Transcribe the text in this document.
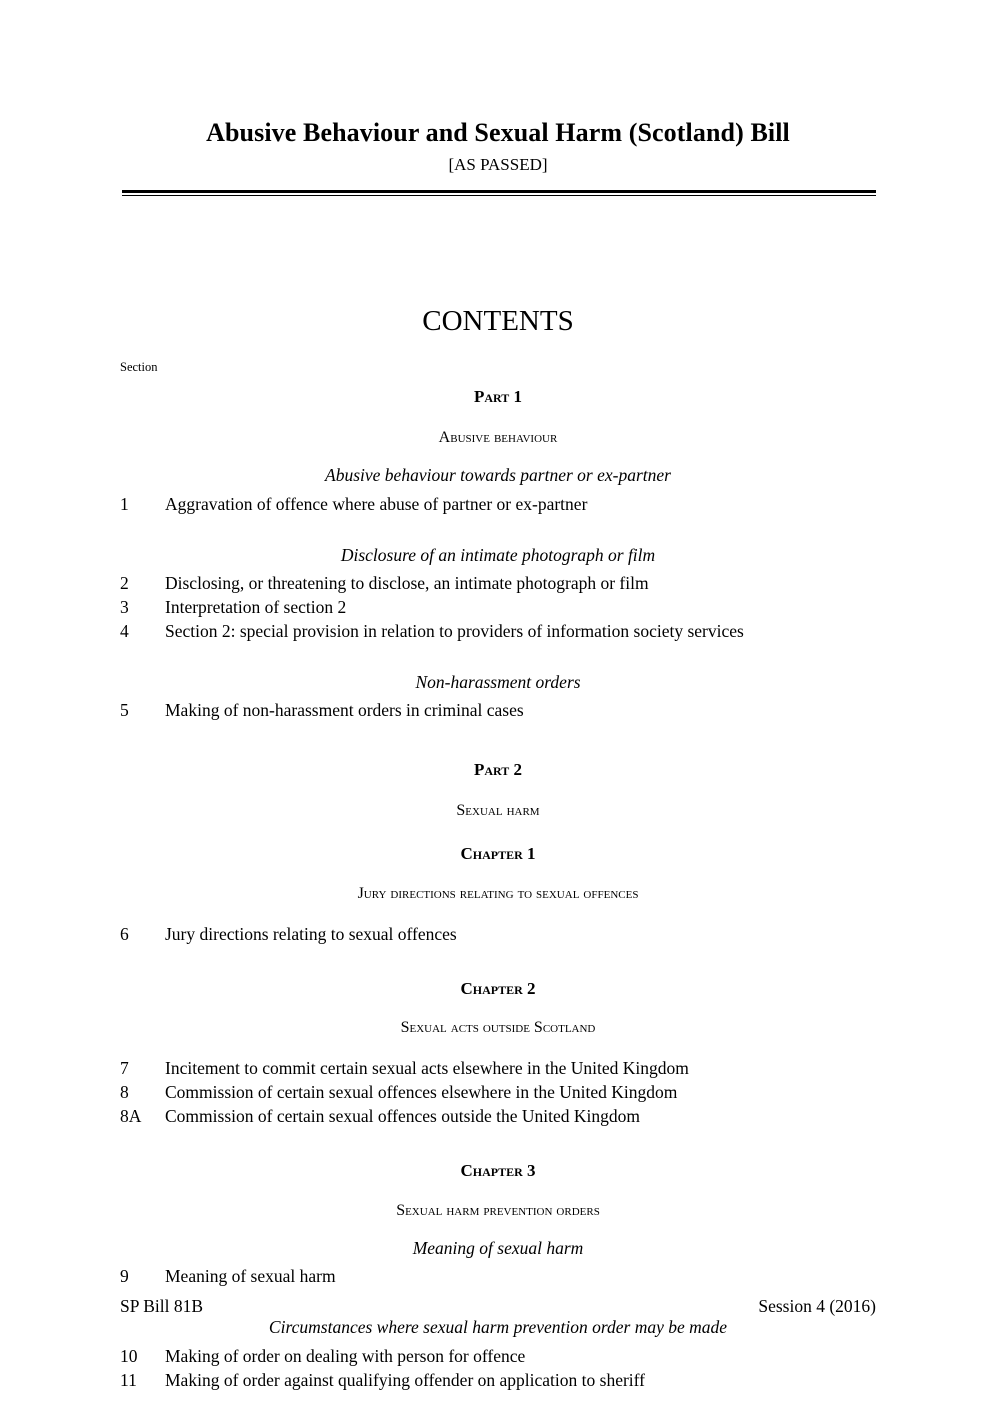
Abusive Behaviour and Sexual Harm (Scotland) Bill
[AS PASSED]
CONTENTS
Section
Part 1
Abusive behaviour
Abusive behaviour towards partner or ex-partner
1	Aggravation of offence where abuse of partner or ex-partner
Disclosure of an intimate photograph or film
2	Disclosing, or threatening to disclose, an intimate photograph or film
3	Interpretation of section 2
4	Section 2: special provision in relation to providers of information society services
Non-harassment orders
5	Making of non-harassment orders in criminal cases
Part 2
Sexual harm
Chapter 1
Jury directions relating to sexual offences
6	Jury directions relating to sexual offences
Chapter 2
Sexual acts outside Scotland
7	Incitement to commit certain sexual acts elsewhere in the United Kingdom
8	Commission of certain sexual offences elsewhere in the United Kingdom
8A	Commission of certain sexual offences outside the United Kingdom
Chapter 3
Sexual harm prevention orders
Meaning of sexual harm
9	Meaning of sexual harm
Circumstances where sexual harm prevention order may be made
10	Making of order on dealing with person for offence
11	Making of order against qualifying offender on application to sheriff
SP Bill 81B	Session 4 (2016)
